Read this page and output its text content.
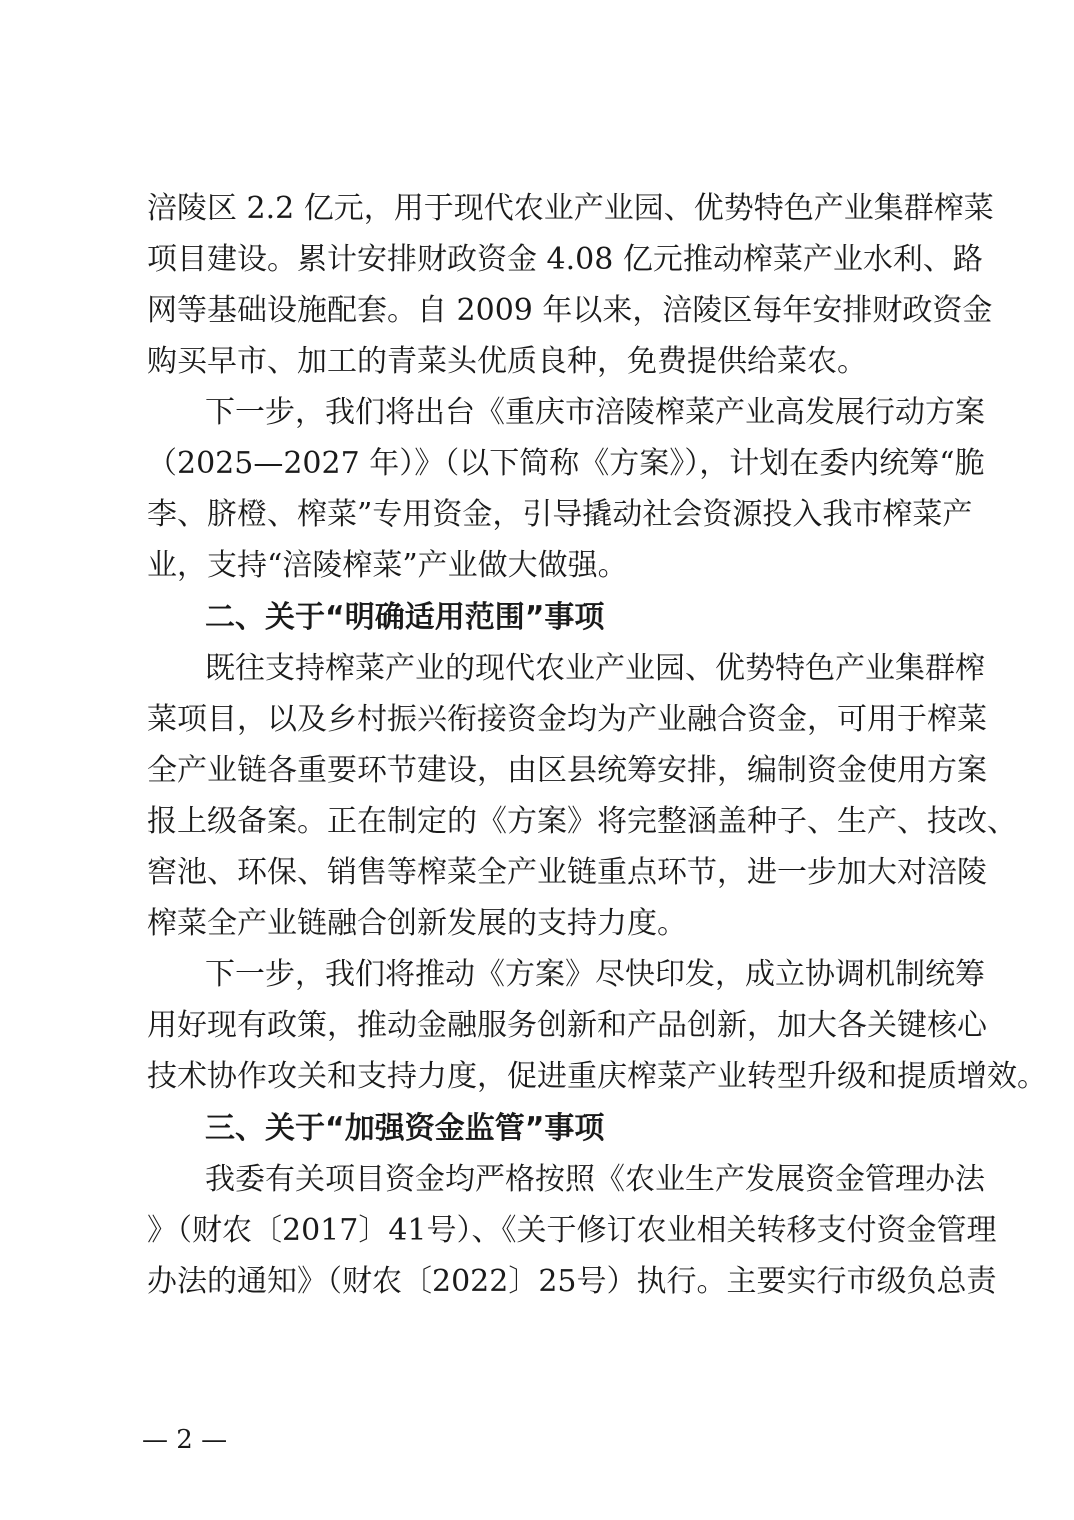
涪陵区 2.2 亿元，用于现代农业产业园、优势特色产业集群榨菜
项目建设。累计安排财政资金 4.08 亿元推动榨菜产业水利、路
网等基础设施配套。自 2009 年以来，涪陵区每年安排财政资金
购买早市、加工的青菜头优质良种，免费提供给菜农。
下一步，我们将出台《重庆市涪陵榨菜产业高发展行动方案
（2025—2027 年）》（以下简称《方案》），计划在委内统筹“脆
李、脐橙、榨菜”专用资金，引导撬动社会资源投入我市榨菜产
业，支持“涪陵榨菜”产业做大做强。
二、关于“明确适用范围”事项
既往支持榨菜产业的现代农业产业园、优势特色产业集群榨
菜项目，以及乡村振兴衔接资金均为产业融合资金，可用于榨菜
全产业链各重要环节建设，由区县统筹安排，编制资金使用方案
报上级备案。正在制定的《方案》将完整涵盖种子、生产、技改、
窖池、环保、销售等榨菜全产业链重点环节，进一步加大对涪陵
榨菜全产业链融合创新发展的支持力度。
下一步，我们将推动《方案》尽快印发，成立协调机制统筹
用好现有政策，推动金融服务创新和产品创新，加大各关键核心
技术协作攻关和支持力度，促进重庆榨菜产业转型升级和提质增效。
三、关于“加强资金监管”事项
我委有关项目资金均严格按照《农业生产发展资金管理办法
》（财农〔2017〕41号）、《关于修订农业相关转移支付资金管理
办法的通知》（财农〔2022〕25号）执行。主要实行市级负总责
— 2 —
